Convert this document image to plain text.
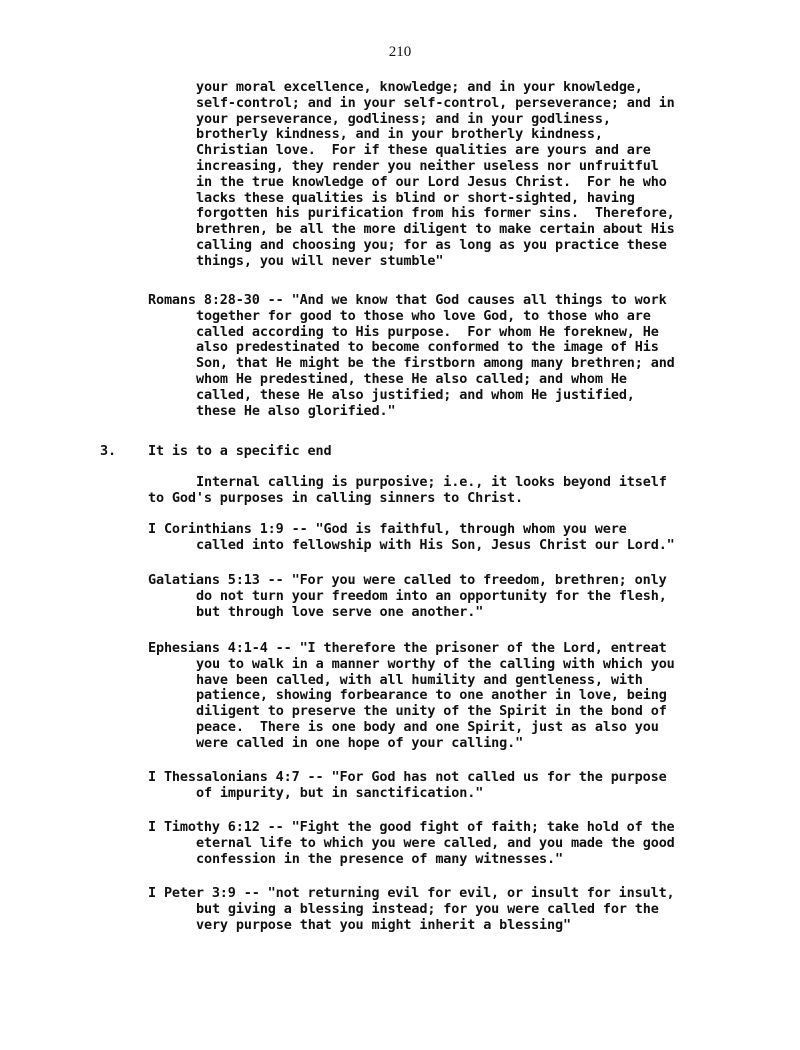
210
your moral excellence, knowledge; and in your knowledge,
self-control; and in your self-control, perseverance; and in
your perseverance, godliness; and in your godliness,
brotherly kindness, and in your brotherly kindness,
Christian love.  For if these qualities are yours and are
increasing, they render you neither useless nor unfruitful
in the true knowledge of our Lord Jesus Christ.  For he who
lacks these qualities is blind or short-sighted, having
forgotten his purification from his former sins.  Therefore,
brethren, be all the more diligent to make certain about His
calling and choosing you; for as long as you practice these
things, you will never stumble"
Romans 8:28-30 -- "And we know that God causes all things to work
together for good to those who love God, to those who are
called according to His purpose.  For whom He foreknew, He
also predestinated to become conformed to the image of His
Son, that He might be the firstborn among many brethren; and
whom He predestined, these He also called; and whom He
called, these He also justified; and whom He justified,
these He also glorified."
3. It is to a specific end
Internal calling is purposive; i.e., it looks beyond itself
to God's purposes in calling sinners to Christ.
I Corinthians 1:9 -- "God is faithful, through whom you were
called into fellowship with His Son, Jesus Christ our Lord."
Galatians 5:13 -- "For you were called to freedom, brethren; only
do not turn your freedom into an opportunity for the flesh,
but through love serve one another."
Ephesians 4:1-4 -- "I therefore the prisoner of the Lord, entreat
you to walk in a manner worthy of the calling with which you
have been called, with all humility and gentleness, with
patience, showing forbearance to one another in love, being
diligent to preserve the unity of the Spirit in the bond of
peace.  There is one body and one Spirit, just as also you
were called in one hope of your calling."
I Thessalonians 4:7 -- "For God has not called us for the purpose
of impurity, but in sanctification."
I Timothy 6:12 -- "Fight the good fight of faith; take hold of the
eternal life to which you were called, and you made the good
confession in the presence of many witnesses."
I Peter 3:9 -- "not returning evil for evil, or insult for insult,
but giving a blessing instead; for you were called for the
very purpose that you might inherit a blessing"
